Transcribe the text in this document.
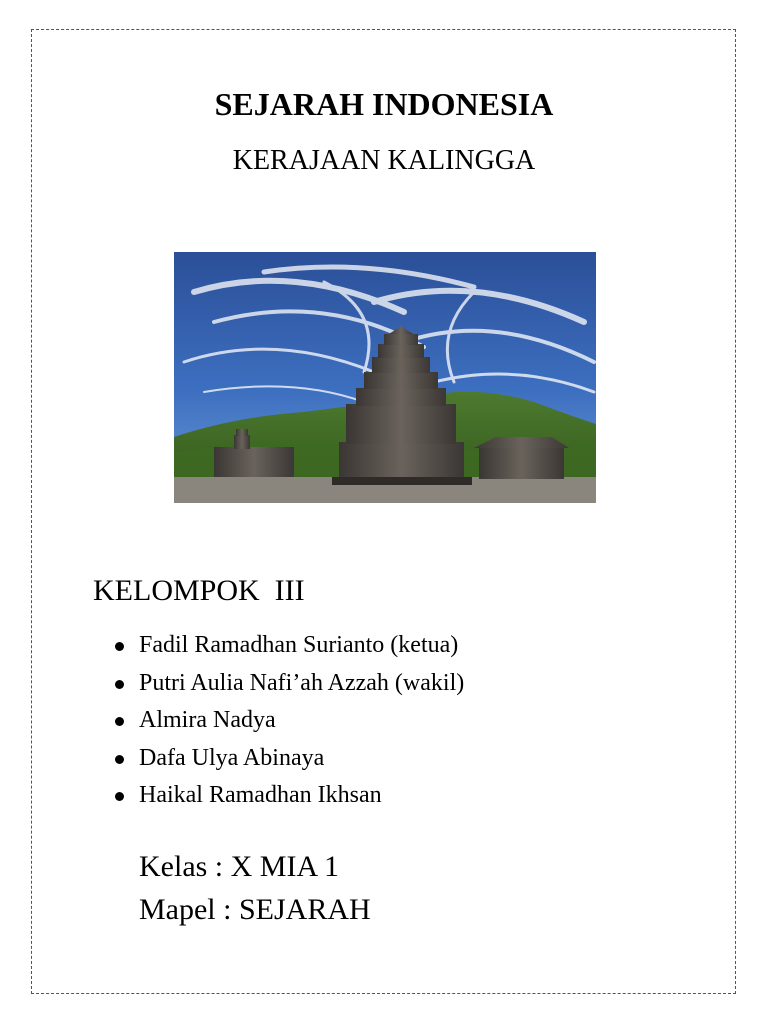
SEJARAH INDONESIA
KERAJAAN KALINGGA
KELOMPOK  III
Fadil Ramadhan Surianto (ketua)
Putri Aulia Nafi’ah Azzah (wakil)
Almira Nadya
Dafa Ulya Abinaya
Haikal Ramadhan Ikhsan

Kelas : X MIA 1

Mapel : SEJARAH
